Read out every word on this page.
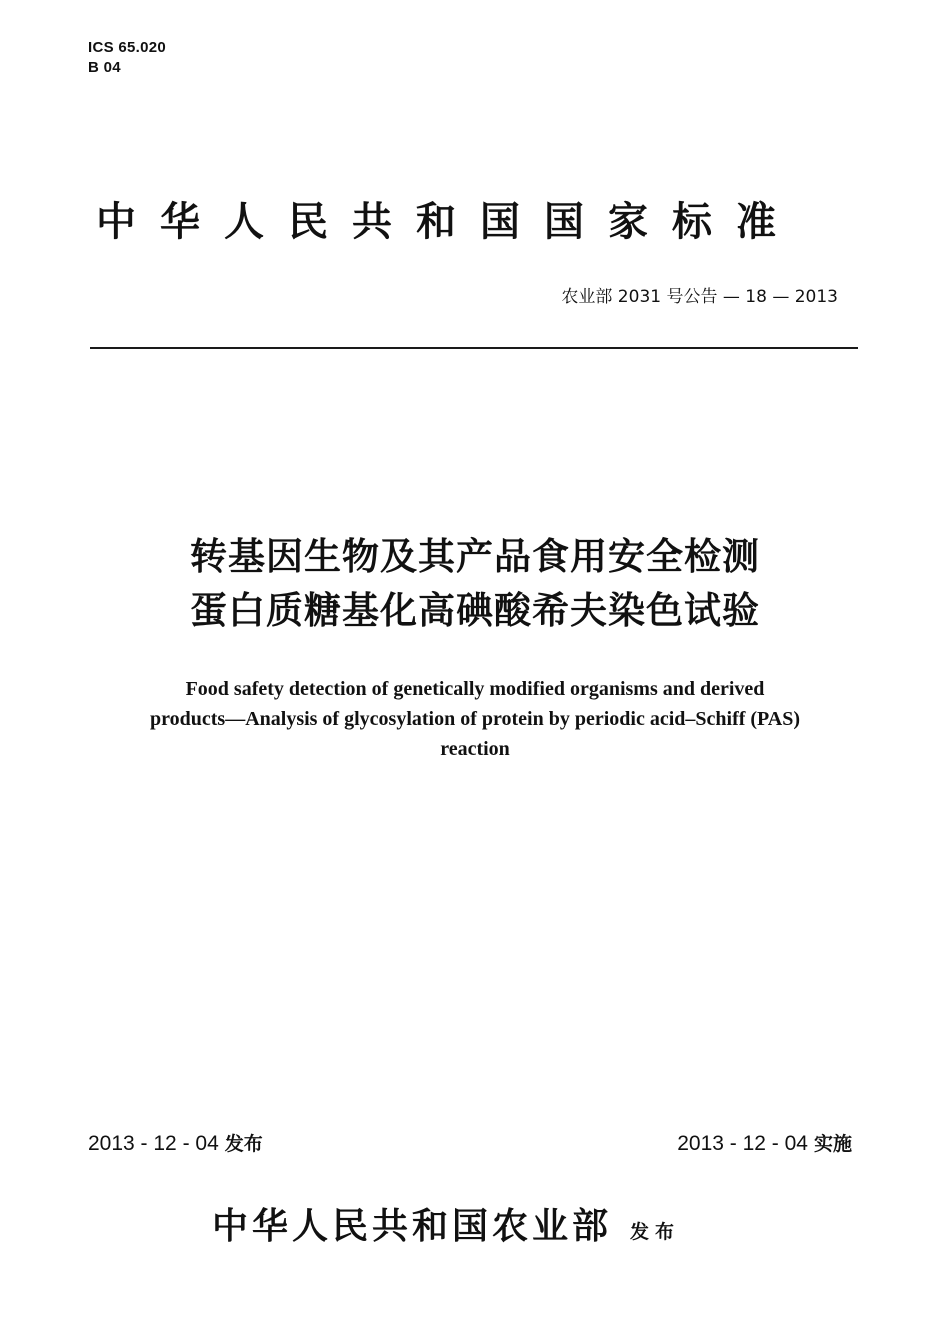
ICS 65.020
B 04
中华人民共和国国家标准
农业部 2031 号公告 — 18 — 2013
转基因生物及其产品食用安全检测
蛋白质糖基化高碘酸希夫染色试验
Food safety detection of genetically modified organisms and derived
products—Analysis of glycosylation of protein by periodic acid–Schiff (PAS)
reaction
2013 - 12 - 04 发布	2013 - 12 - 04 实施
中华人民共和国农业部 发布
